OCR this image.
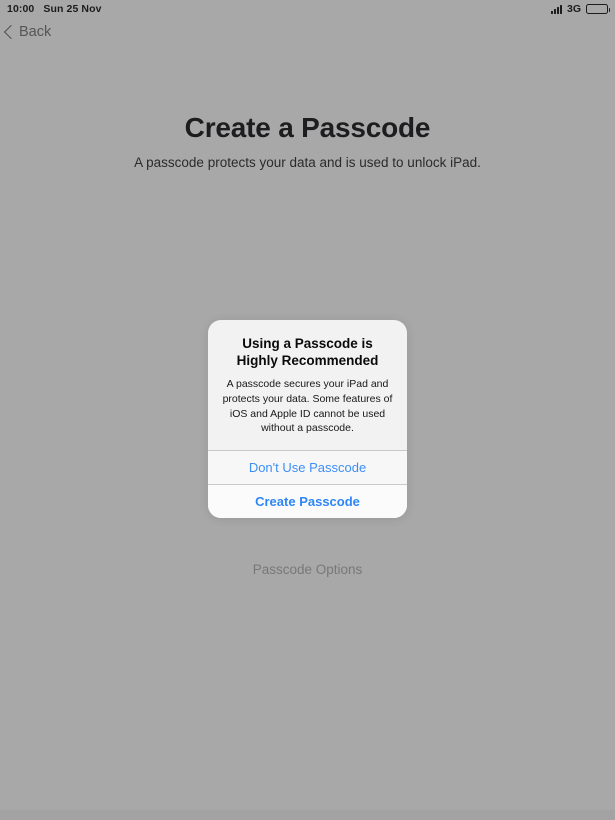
10:00 Sun 25 Nov	3G
Back
Create a Passcode
A passcode protects your data and is used to unlock iPad.
Using a Passcode is Highly Recommended
A passcode secures your iPad and protects your data. Some features of iOS and Apple ID cannot be used without a passcode.
Don't Use Passcode
Create Passcode
Passcode Options
